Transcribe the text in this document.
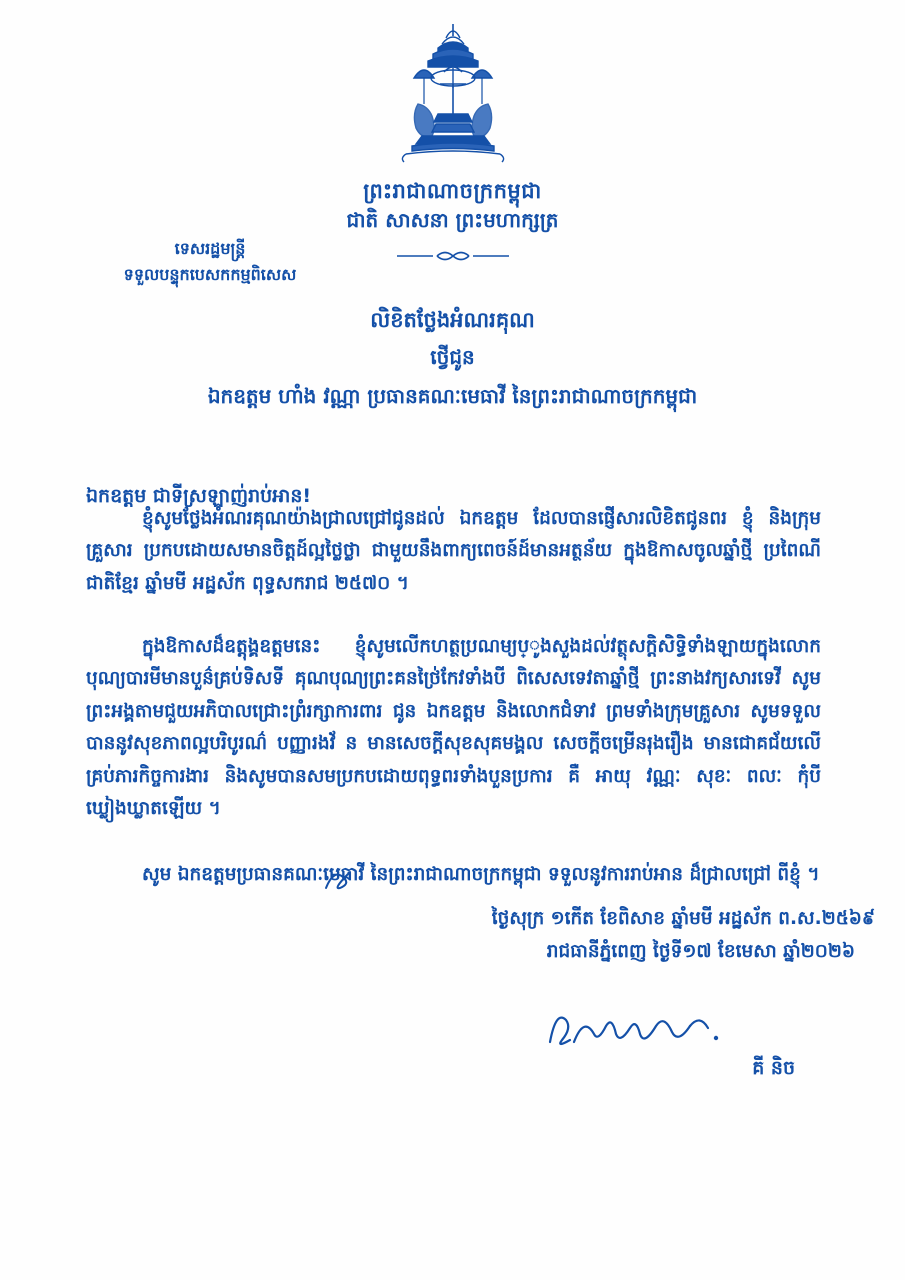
ព្រះរាជាណាចក្រកម្ពុជា
ជាតិ សាសនា ព្រះមហាក្សត្រ
ទេសរដ្ឋមន្ត្រី
ទទួលបន្ទុកបេសកកម្មពិសេស
លិខិតថ្លែងអំណរគុណ
ថ្វើជូន
ឯកឧត្តម ហាំង វណ្ណា ប្រធានគណៈមេធាវី នៃព្រះរាជាណាចក្រកម្ពុជា
ឯកឧត្តម ជាទីស្រឡាញ់រាប់អាន!
ខ្ញុំសូមថ្លែងអំណរគុណយ៉ាងជ្រាលជ្រៅជូនដល់ ឯកឧត្តម ដែលបានផ្ញើសារលិខិតជូនពរ ខ្ញុំ និងក្រុមគ្រួសារ ប្រកបដោយសមានចិត្តដ៍ល្អថ្លៃថ្លា ជាមួយនឹងពាក្យពេចន៍ដ៍មានអត្ថន័យ ក្នុងឱកាសចូលឆ្នាំថ្មី ប្រពៃណីជាតិខ្មែរ ឆ្នាំមមី អដ្ឋស័ក ពុទ្ធសករាជ ២៥៧០ ។
ក្នុងឱកាសដ៏ឧត្តុង្គឧត្តមនេះ ខ្ញុំសូមលើកហត្ថប្រណម្យប្ូងសួងដល់វត្ថុសក្ដិសិទ្ធិទាំងឡាយក្នុងលោក បុណ្យបារមីមានបួន៌គ្រប់ទិសទី គុណបុណ្យព្រះគនថ្រៃ់កែវទាំងបី ពិសេសទេវតាឆ្នាំថ្មី ព្រះនាងវក្យសារទេវី សូមព្រះអង្គតាមជួយអភិបាលជ្រោះព្រំរក្សាការពារ ជូន ឯកឧត្តម និងលោកជំទាវ ព្រមទាំងក្រុមគ្រួសារ សូមទទួលបាននូវសុខភាពល្អបរិបូរណ៌ បញ្ញារងវ័ ន មានសេចក្ដីសុខសុគមង្គល សេចក្ដីចម្រើនរុងរឿង មានជោគជ័យលើគ្រប់ភារកិច្ចការងារ និងសូមបានសមប្រកបដោយពុទ្ធពរទាំងបួនប្រការ គឺ អាយុ វណ្ណៈ សុខៈ ពលៈ កុំបីឃ្លៀងឃ្លាតឡើយ ។
សូម ឯកឧត្តមប្រធានគណៈមេធាវី នៃព្រះរាជាណាចក្រកម្ពុជា ទទួលនូវការរាប់អាន ដ៏ជ្រាលជ្រៅ ពីខ្ញុំ ។
ថ្ងៃសុក្រ ១កើត ខែពិសាខ ឆ្នាំមមី អដ្ឋស័ក ព.ស.២៥៦៩
រាជធានីភ្នំពេញ ថ្ងៃទី១៧ ខែមេសា ឆ្នាំ២០២៦
គី និច
